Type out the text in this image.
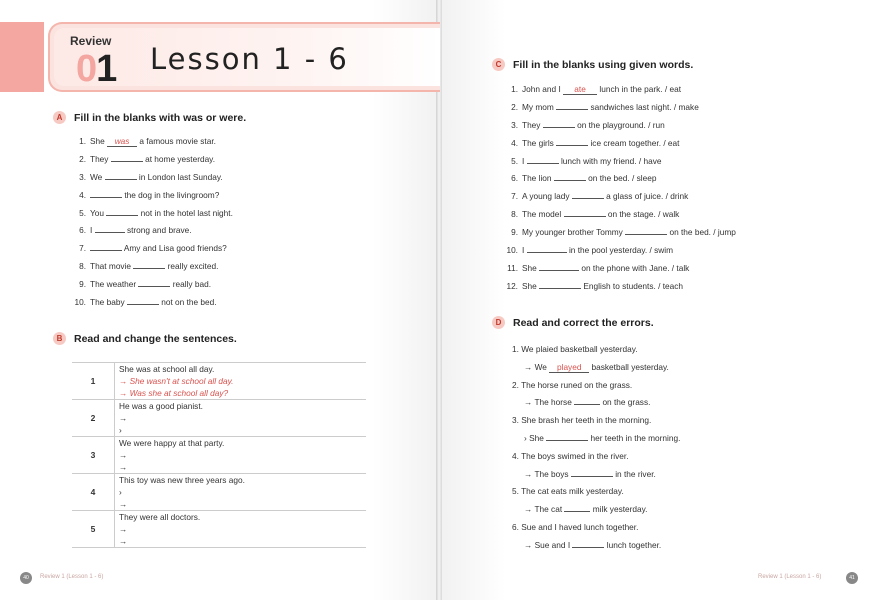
Review
01 Lesson 1 - 6
A	Fill in the blanks with was or were.
1. She was a famous movie star.
2. They	at home yesterday.
3. We	in London last Sunday.
4.	the dog in the livingroom?
5. You	not in the hotel last night.
6. I	strong and brave.
7.	Amy and Lisa good friends?
8. That movie	really excited.
9. The weather	really bad.
10. The baby	not on the bed.
B	Read and change the sentences.
1	She was at school all day.
→ She wasn't at school all day.
→ Was she at school all day?

2	He was a good pianist.
→
›

3	We were happy at that party.
→
→

4	This toy was new three years ago.
›
→

5	They were all doctors.
→
→
C	Fill in the blanks using given words.
1. John and I ate lunch in the park. / eat
2. My mom	sandwiches last night. / make
3. They	on the playground. / run
4. The girls	ice cream together. / eat
5. I	lunch with my friend. / have
6. The lion	on the bed. / sleep
7. A young lady	a glass of juice. / drink
8. The model	on the stage. / walk
9. My younger brother Tommy	on the bed. / jump
10. I	in the pool yesterday. / swim
11. She	on the phone with Jane. / talk
12. She	English to students. / teach
D	Read and correct the errors.
1. We plaied basketball yesterday.
→ We played basketball yesterday.
2. The horse runed on the grass.
→ The horse	on the grass.
3. She brash her teeth in the morning.
› She	her teeth in the morning.
4. The boys swimed in the river.
→ The boys	in the river.
5. The cat eats milk yesterday.
→ The cat	milk yesterday.
6. Sue and I haved lunch together.
→ Sue and I	lunch together.
40	Review 1 (Lesson 1 - 6)	Review 1 (Lesson 1 - 6)	41
